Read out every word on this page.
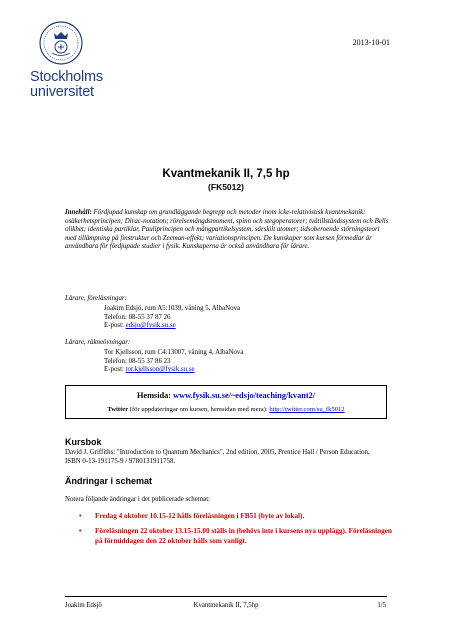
Stockholms
universitet
2013-10-01
Kvantmekanik II, 7,5 hp
(FK5012)
Innehåll: Fördjupad kunskap om grundläggande begrepp och metoder inom icke-relativistisk kvantmekanik: osäkerhetsprincipen; Dirac-notation; rörelsemängdsmoment, spinn och stegoperatorer; tvåtillståndssystem och Bells olikhet; identiska partiklar, Pauliprincipen och mångpartikelsystem, särskilt atomer; tidsoberoende störningsteori med tillämpning på finstruktur och Zeeman-effekt; variationsprincipen. De kunskaper som kursen förmedlar är användbara för fördjupade studier i fysik. Kunskaperna är också användbara för lärare.
Lärare, föreläsningar:
Joakim Edsjö, rum A5:1039, våning 5, AlbaNova
Telefon: 08-55 37 87 26
E-post: edsjo@fysik.su.se
Lärare, räkneövningar:
Tor Kjellsson, rum C4:13007, våning 4, AlbaNova
Telefon: 08-55 37 86 23
E-post: tor.kjellsson@fysik.su.se
Hemsida: www.fysik.su.se/~edsjo/teaching/kvant2/
Twitter (för uppdateringar om kursen, hemsidan med mera): http://twitter.com/su_fk5012
Kursbok
David J. Griffiths: "Introduction to Quantum Mechanics", 2nd edition, 2005, Prentice Hall / Person Education, ISBN 0-13-191175-9 / 9780131911758.
Ändringar i schemat
Notera följande ändringar i det publicerade schemat:
•	Fredag 4 oktober 10.15-12 hålls föreläsningen i FB51 (byte av lokal).
•	Föreläsningen 22 oktober 13.15-15.00 ställs in (behövs inte i kursens nya upplägg). Föreläsningen på förmiddagen den 22 oktober hålls som vanligt.
Joakim Edsjö	Kvantmekanik II, 7,5hp	1/5
